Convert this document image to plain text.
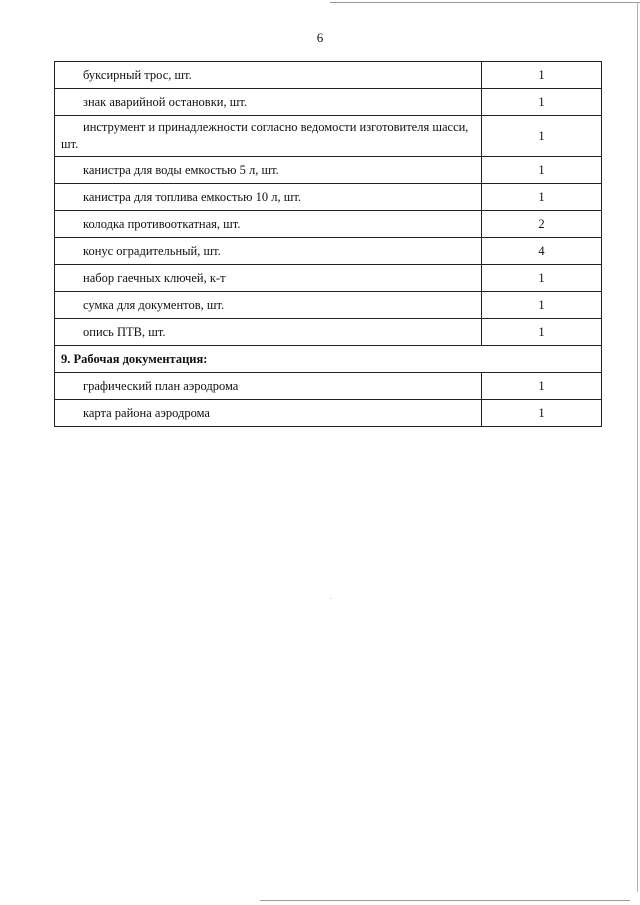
6
буксирный трос, шт.	1

знак аварийной остановки, шт.	1

инструмент и принадлежности согласно ведомости изготовителя шасси, шт.	1

канистра для воды емкостью 5 л, шт.	1

канистра для топлива емкостью 10 л, шт.	1

колодка противооткатная, шт.	2

конус оградительный, шт.	4

набор гаечных ключей, к-т	1

сумка для документов, шт.	1

опись ПТВ, шт.	1
9. Рабочая документация:	

графический план аэродрома	1

карта района аэродрома	1
